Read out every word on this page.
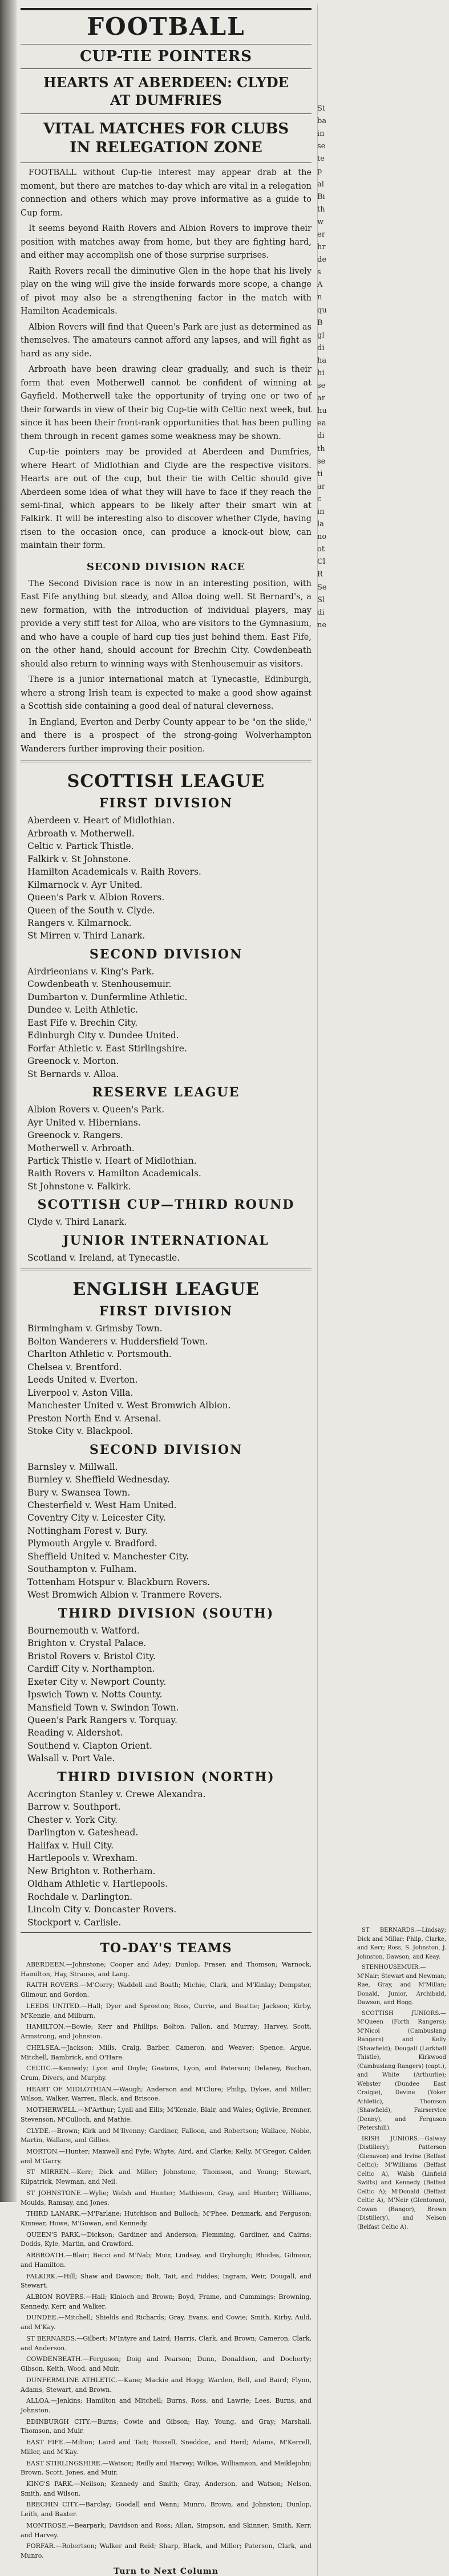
FOOTBALL
CUP-TIE POINTERS
HEARTS AT ABERDEEN: CLYDE AT DUMFRIES
VITAL MATCHES FOR CLUBS IN RELEGATION ZONE

FOOTBALL without Cup-tie interest may appear drab at the moment, but there are matches to-day which are vital in a relegation connection and others which may prove informative as a guide to Cup form.

It seems beyond Raith Rovers and Albion Rovers to improve their position with matches away from home, but they are fighting hard, and either may accomplish one of those surprise surprises.

Raith Rovers recall the diminutive Glen in the hope that his lively play on the wing will give the inside forwards more scope, a change of pivot may also be a strengthening factor in the match with Hamilton Academicals.

Albion Rovers will find that Queen's Park are just as determined as themselves. The amateurs cannot afford any lapses, and will fight as hard as any side.

Arbroath have been drawing clear gradually, and such is their form that even Motherwell cannot be confident of winning at Gayfield. Motherwell take the opportunity of trying one or two of their forwards in view of their big Cup-tie with Celtic next week, but since it has been their front-rank opportunities that has been pulling them through in recent games some weakness may be shown.

Cup-tie pointers may be provided at Aberdeen and Dumfries, where Heart of Midlothian and Clyde are the respective visitors. Hearts are out of the cup, but their tie with Celtic should give Aberdeen some idea of what they will have to face if they reach the semi-final, which appears to be likely after their smart win at Falkirk. It will be interesting also to discover whether Clyde, having risen to the occasion once, can produce a knock-out blow, can maintain their form.

SECOND DIVISION RACE

The Second Division race is now in an interesting position, with East Fife anything but steady, and Alloa doing well. St Bernard's, a new formation, with the introduction of individual players, may provide a very stiff test for Alloa, who are visitors to the Gymnasium, and who have a couple of hard cup ties just behind them. East Fife, on the other hand, should account for Brechin City. Cowdenbeath should also return to winning ways with Stenhousemuir as visitors.

There is a junior international match at Tynecastle, Edinburgh, where a strong Irish team is expected to make a good show against a Scottish side containing a good deal of natural cleverness.

In England, Everton and Derby County appear to be "on the slide," and there is a prospect of the strong-going Wolverhampton Wanderers further improving their position.

SCOTTISH LEAGUE
FIRST DIVISION
Aberdeen v. Heart of Midlothian.
Arbroath v. Motherwell.
Celtic v. Partick Thistle.
Falkirk v. St Johnstone.
Hamilton Academicals v. Raith Rovers.
Kilmarnock v. Ayr United.
Queen's Park v. Albion Rovers.
Queen of the South v. Clyde.
Rangers v. Kilmarnock.
St Mirren v. Third Lanark.
SECOND DIVISION
Airdrieonians v. King's Park.
Cowdenbeath v. Stenhousemuir.
Dumbarton v. Dunfermline Athletic.
Dundee v. Leith Athletic.
East Fife v. Brechin City.
Edinburgh City v. Dundee United.
Forfar Athletic v. East Stirlingshire.
Greenock v. Morton.
St Bernards v. Alloa.
RESERVE LEAGUE
Albion Rovers v. Queen's Park.
Ayr United v. Hibernians.
Greenock v. Rangers.
Motherwell v. Arbroath.
Partick Thistle v. Heart of Midlothian.
Raith Rovers v. Hamilton Academicals.
St Johnstone v. Falkirk.
SCOTTISH CUP—THIRD ROUND
Clyde v. Third Lanark.
JUNIOR INTERNATIONAL
Scotland v. Ireland, at Tynecastle.
ENGLISH LEAGUE
FIRST DIVISION
Birmingham v. Grimsby Town.
Bolton Wanderers v. Huddersfield Town.
Charlton Athletic v. Portsmouth.
Chelsea v. Brentford.
Leeds United v. Everton.
Liverpool v. Aston Villa.
Manchester United v. West Bromwich Albion.
Preston North End v. Arsenal.
Stoke City v. Blackpool.
SECOND DIVISION
Barnsley v. Millwall.
Burnley v. Sheffield Wednesday.
Bury v. Swansea Town.
Chesterfield v. West Ham United.
Coventry City v. Leicester City.
Nottingham Forest v. Bury.
Plymouth Argyle v. Bradford.
Sheffield United v. Manchester City.
Southampton v. Fulham.
Tottenham Hotspur v. Blackburn Rovers.
West Bromwich Albion v. Tranmere Rovers.
THIRD DIVISION (SOUTH)
Bournemouth v. Watford.
Brighton v. Crystal Palace.
Bristol Rovers v. Bristol City.
Cardiff City v. Northampton.
Exeter City v. Newport County.
Ipswich Town v. Notts County.
Mansfield Town v. Swindon Town.
Queen's Park Rangers v. Torquay.
Reading v. Aldershot.
Southend v. Clapton Orient.
Walsall v. Port Vale.
THIRD DIVISION (NORTH)
Accrington Stanley v. Crewe Alexandra.
Barrow v. Southport.
Chester v. York City.
Darlington v. Gateshead.
Halifax v. Hull City.
Hartlepools v. Wrexham.
New Brighton v. Rotherham.
Oldham Athletic v. Hartlepools.
Rochdale v. Darlington.
Lincoln City v. Doncaster Rovers.
Stockport v. Carlisle.
TO-DAY'S TEAMS

ABERDEEN.—Johnstone; Cooper and Adey; Dunlop, Fraser, and Thomson; Warnock, Hamilton, Hay, Strauss, and Lang.

RAITH ROVERS.—M'Corry; Waddell and Boath; Michie, Clark, and M'Kinlay; Dempster, Gilmour, and Gordon.

LEEDS UNITED.—Hall; Dyer and Sproston; Ross, Currie, and Beattie; Jackson; Kirby, M'Kenzie, and Milburn.

HAMILTON.—Bowie; Kerr and Phillips; Bolton, Fallon, and Murray; Harvey, Scott, Armstrong, and Johnston.

CHELSEA.—Jackson; Mills, Craig, Barber, Cameron, and Weaver; Spence, Argue, Mitchell, Bambrick, and O'Hare.

CELTIC.—Kennedy; Lyon and Doyle; Geatons, Lyon, and Paterson; Delaney, Buchan, Crum, Divers, and Murphy.

HEART OF MIDLOTHIAN.—Waugh; Anderson and M'Clure; Philip, Dykes, and Miller; Wilson, Walker, Warren, Black, and Briscoe.

MOTHERWELL.—M'Arthur; Lyall and Ellis; M'Kenzie, Blair, and Wales; Ogilvie, Bremner, Stevenson, M'Culloch, and Mathie.

CLYDE.—Brown; Kirk and M'Ilvenny; Gardiner, Falloon, and Robertson; Wallace, Noble, Martin, Wallace, and Gillies.

MORTON.—Hunter; Maxwell and Fyfe; Whyte, Aird, and Clarke; Kelly, M'Gregor, Calder, and M'Garry.

ST MIRREN.—Kerr; Dick and Miller; Johnstone, Thomson, and Young; Stewart, Kilpatrick, Newman, and Neil.

ST JOHNSTONE.—Wylie; Welsh and Hunter; Mathieson, Gray, and Hunter; Williams, Moulds, Ramsay, and Jones.

THIRD LANARK.—M'Farlane; Hutchison and Bulloch; M'Phee, Denmark, and Ferguson; Kinnear, Howe, M'Gowan, and Kennedy.

QUEEN'S PARK.—Dickson; Gardiner and Anderson; Flemming, Gardiner, and Cairns; Dodds, Kyle, Martin, and Crawford.

ARBROATH.—Blair; Becci and M'Nab; Muir, Lindsay, and Dryburgh; Rhodes, Gilmour, and Hamilton.

FALKIRK.—Hill; Shaw and Dawson; Bolt, Tait, and Fiddes; Ingram, Weir, Dougall, and Stewart.

ALBION ROVERS.—Hall; Kinloch and Brown; Boyd, Frame, and Cummings; Browning, Kennedy, Kerr, and Walker.

DUNDEE.—Mitchell; Shields and Richards; Gray, Evans, and Cowie; Smith, Kirby, Auld, and M'Kay.

ST BERNARDS.—Gilbert; M'Intyre and Laird; Harris, Clark, and Brown; Cameron, Clark, and Anderson.

COWDENBEATH.—Ferguson; Doig and Pearson; Dunn, Donaldson, and Docherty; Gibson, Keith, Wood, and Muir.

DUNFERMLINE ATHLETIC.—Kane; Mackie and Hogg; Warden, Bell, and Baird; Flynn, Adams, Stewart, and Brown.

ALLOA.—Jenkins; Hamilton and Mitchell; Burns, Ross, and Lawrie; Lees, Burns, and Johnston.

EDINBURGH CITY.—Burns; Cowie and Gibson; Hay, Young, and Gray; Marshall, Thomson, and Muir.

EAST FIFE.—Milton; Laird and Tait; Russell, Sneddon, and Herd; Adams, M'Kerrell, Miller, and M'Kay.

EAST STIRLINGSHIRE.—Watson; Reilly and Harvey; Wilkie, Williamson, and Meiklejohn; Brown, Scott, Jones, and Muir.

KING'S PARK.—Neilson; Kennedy and Smith; Gray, Anderson, and Watson; Nelson, Smith, and Wilson.

BRECHIN CITY.—Barclay; Goodall and Wann; Munro, Brown, and Johnston; Dunlop, Leith, and Baxter.

MONTROSE.—Bearpark; Davidson and Ross; Allan, Simpson, and Skinner; Smith, Kerr, and Harvey.

FORFAR.—Robertson; Walker and Reid; Sharp, Black, and Miller; Paterson, Clark, and Munro.

Turn to Next Column
St
ba
in
se
te
p
al
Bi
th
w
er
hr
de
s
A
n
qu
B
gl
di
ha
hi
se
ar
hu
ea
di
th
se
ti
ar
c
in
la
no
ot
Cl
R
Se
Sl
di
ne

ST BERNARDS.—Lindsay; Dick and Millar; Philp, Clarke, and Kerr; Ross, S. Johnston, J. Johnston, Dawson, and Keay.

STENHOUSEMUIR.—M'Nair; Stewart and Newman; Rae, Gray, and M'Millan; Donald, Junior, Archibald, Dawson, and Hogg.

SCOTTISH JUNIORS.—M'Queen (Forth Rangers); M'Nicol (Cambuslang Rangers) and Kelly (Shawfield); Dougall (Larkhall Thistle), Kirkwood (Cambuslang Rangers) (capt.), and White (Arthurlie); Webster (Dundee East Craigie), Devine (Yoker Athletic), Thomson (Shawfield), Fairservice (Denny), and Ferguson (Petershill).

IRISH JUNIORS.—Galway (Distillery); Patterson (Glenavon) and Irvine (Belfast Celtic); M'Williams (Belfast Celtic A), Walsh (Linfield Swifts) and Kennedy (Belfast Celtic A); M'Donald (Belfast Celtic A), M'Neir (Glentoran), Cowan (Bangor), Brown (Distillery), and Nelson (Belfast Celtic A).
